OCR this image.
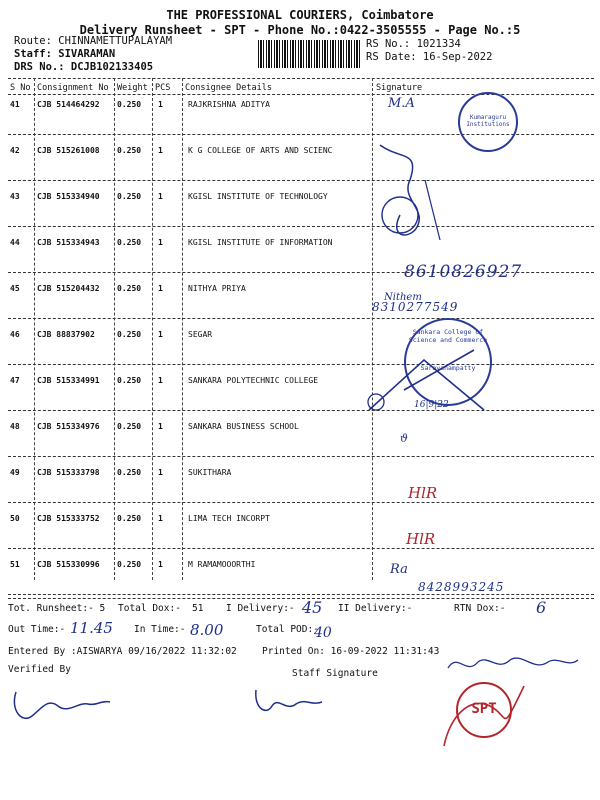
THE PROFESSIONAL COURIERS, Coimbatore
Delivery Runsheet - SPT - Phone No.:0422-3505555 - Page No.:5
Route: CHINNAMETTUPALAYAM
Staff: SIVARAMAN
DRS No.: DCJB102133405
RS No.: 1021334
RS Date: 16-Sep-2022
S No Consignment No Weight PCS Consignee Details	Signature
41 CJB 514464292 0.250 1	RAJKRISHNA ADITYA
42 CJB 515261008 0.250 1	K G COLLEGE OF ARTS AND SCIENC
43 CJB 515334940 0.250 1	KGISL INSTITUTE OF TECHNOLOGY
44 CJB 515334943 0.250 1	KGISL INSTITUTE OF INFORMATION
45 CJB 515204432 0.250 1	NITHYA PRIYA
46 CJB 88837902	0.250 1	SEGAR
47 CJB 515334991 0.250 1	SANKARA POLYTECHNIC COLLEGE
48 CJB 515334976 0.250 1	SANKARA BUSINESS SCHOOL
49 CJB 515333798 0.250 1	SUKITHARA
50 CJB 515333752 0.250 1	LIMA TECH INCORPT
51 CJB 515330996 0.250 1	M RAMAMOOORTHI
M.A
Kumaraguru Institutions
8610826927
Nithem
8310277549
Sankara College of Science and Commerce
Saravanampatty
16|9|22
ϑ
HlR
HlR
Ra
8428993245
Tot. Runsheet:- 5 Total Dox:- 51 I Delivery:- 45 II Delivery:-	RTN Dox:- 6
Out Time:- 11.45 In Time:- 8.00	Total POD:-
40
Entered By :AISWARYA 09/16/2022 11:32:02	Printed On: 16-09-2022 11:31:43
Verified By	Staff Signature
SPT
